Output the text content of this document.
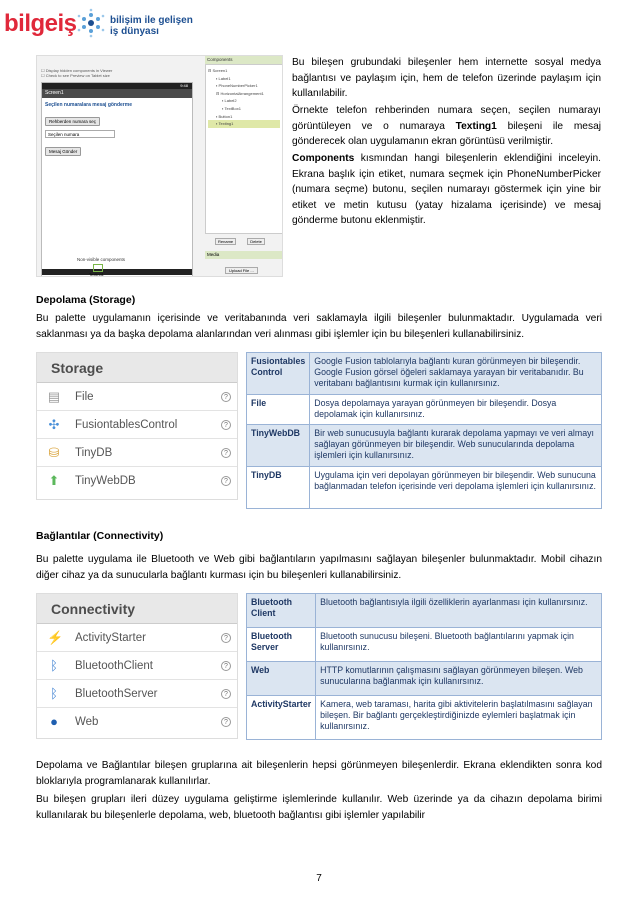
bilgeiş	bilişim ile gelişen
iş dünyası
☐ Display hidden components in Viewer
☐ Check to see Preview on Tablet size
9:48
Screen1
Seçilen numaralara mesaj gönderme
Rehberden numara seç
Seçilen numara
Mesaj Gönder
Non-visible components
Texting1
Components
⊟ Screen1
▪ Label1
▪ PhoneNumberPicker1
⊟ HorizontalArrangement1
▪ Label2
▪ TextBox1
▪ Button1
▪ Texting1
Rename	Delete
Media
Upload File ...

Bu bileşen grubundaki bileşenler hem internette sosyal medya bağlantısı ve paylaşım için, hem de telefon üzerinde paylaşım için kullanılabilir.

Örnekte telefon rehberinden numara seçen, seçilen numarayı görüntüleyen ve o numaraya Texting1 bileşeni ile mesaj gönderecek olan uygulamanın ekran görüntüsü verilmiştir.

Components kısmından hangi bileşenlerin eklendiğini inceleyin. Ekrana başlık için etiket, numara seçmek için PhoneNumberPicker (numara seçme) butonu, seçilen numarayı göstermek için yine bir etiket ve metin kutusu (yatay hizalama içerisinde) ve mesaj gönderme butonu eklenmiştir.

Depolama (Storage)

Bu palette uygulamanın içerisinde ve veritabanında veri saklamayla ilgili bileşenler bulunmaktadır. Uygulamada veri saklanması ya da başka depolama alanlarından veri alınması gibi işlemler için bu bileşenleri kullanabilirsiniz.

Storage
▤ File	?
✣ FusiontablesControl	?
⛁ TinyDB	?
⬆ TinyWebDB	?
Fusiontables Control	Google Fusion tablolarıyla bağlantı kuran görünmeyen bir bileşendir. Google Fusion görsel öğeleri saklamaya yarayan bir veritabanıdır. Bu veritabanı bağlantısını kurmak için kullanırsınız.
File	Dosya depolamaya yarayan görünmeyen bir bileşendir. Dosya depolamak için kullanırsınız.
TinyWebDB	Bir web sunucusuyla bağlantı kurarak depolama yapmayı ve veri almayı sağlayan görünmeyen bir bileşendir. Web sunucularında depolama işlemleri için kullanırsınız.
TinyDB	Uygulama için veri depolayan görünmeyen bir bileşendir. Web sunucuna bağlanmadan telefon içerisinde veri depolama işlemleri için kullanırsınız.
Bağlantılar (Connectivity)

Bu palette uygulama ile Bluetooth ve Web gibi bağlantıların yapılmasını sağlayan bileşenler bulunmaktadır. Mobil cihazın diğer cihaz ya da sunucularla bağlantı kurması için bu bileşenleri kullanabilirsiniz.

Connectivity
⚡ ActivityStarter	?
ᛒ BluetoothClient	?
ᛒ BluetoothServer	?
● Web	?
Bluetooth Client	Bluetooth bağlantısıyla ilgili özelliklerin ayarlanması için kullanırsınız.
Bluetooth Server	Bluetooth sunucusu bileşeni. Bluetooth bağlantılarını yapmak için kullanırsınız.
Web	HTTP komutlarının çalışmasını sağlayan görünmeyen bileşen. Web sunucularına bağlanmak için kullanırsınız.
ActivityStarter	Kamera, web taraması, harita gibi aktivitelerin başlatılmasını sağlayan bileşen. Bir bağlantı gerçekleştirdiğinizde eylemleri başlatmak için kullanırsınız.

Depolama ve Bağlantılar bileşen gruplarına ait bileşenlerin hepsi görünmeyen bileşenlerdir. Ekrana eklendikten sonra kod bloklarıyla programlanarak kullanılırlar.

Bu bileşen grupları ileri düzey uygulama geliştirme işlemlerinde kullanılır. Web üzerinde ya da cihazın depolama birimi kullanılarak bu bileşenlerle depolama, web, bluetooth bağlantısı gibi işlemler yapılabilir

7
